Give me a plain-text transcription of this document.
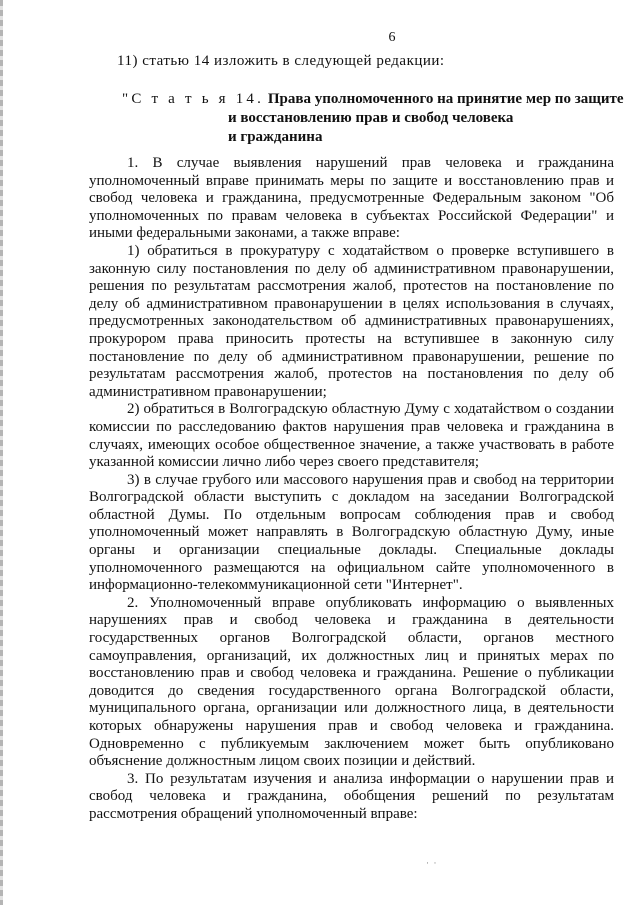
6
11) статью 14 изложить в следующей редакции:
"С т а т ь я 14. Права уполномоченного на принятие мер по защите
и восстановлению прав и свобод человека
и гражданина

1. В случае выявления нарушений прав человека и гражданина уполномоченный вправе принимать меры по защите и восстановлению прав и свобод человека и гражданина, предусмотренные Федеральным законом "Об уполномоченных по правам человека в субъектах Российской Федерации" и иными федеральными законами, а также вправе:

1) обратиться в прокуратуру с ходатайством о проверке вступившего в законную силу постановления по делу об административном правонарушении, решения по результатам рассмотрения жалоб, протестов на постановление по делу об административном правонарушении в целях использования в случаях, предусмотренных законодательством об административных правонарушениях, прокурором права приносить протесты на вступившее в законную силу постановление по делу об административном правонарушении, решение по результатам рассмотрения жалоб, протестов на постановления по делу об административном правонарушении;

2) обратиться в Волгоградскую областную Думу с ходатайством о создании комиссии по расследованию фактов нарушения прав человека и гражданина в случаях, имеющих особое общественное значение, а также участвовать в работе указанной комиссии лично либо через своего представителя;

3) в случае грубого или массового нарушения прав и свобод на территории Волгоградской области выступить с докладом на заседании Волгоградской областной Думы. По отдельным вопросам соблюдения прав и свобод уполномоченный может направлять в Волгоградскую областную Думу, иные органы и организации специальные доклады. Специальные доклады уполномоченного размещаются на официальном сайте уполномоченного в информационно-телекоммуникационной сети "Интернет".

2. Уполномоченный вправе опубликовать информацию о выявленных нарушениях прав и свобод человека и гражданина в деятельности государственных органов Волгоградской области, органов местного самоуправления, организаций, их должностных лиц и принятых мерах по восстановлению прав и свобод человека и гражданина. Решение о публикации доводится до сведения государственного органа Волгоградской области, муниципального органа, организации или должностного лица, в деятельности которых обнаружены нарушения прав и свобод человека и гражданина. Одновременно с публикуемым заключением может быть опубликовано объяснение должностным лицом своих позиции и действий.

3. По результатам изучения и анализа информации о нарушении прав и свобод человека и гражданина, обобщения решений по результатам рассмотрения обращений уполномоченный вправе:

·  ·
